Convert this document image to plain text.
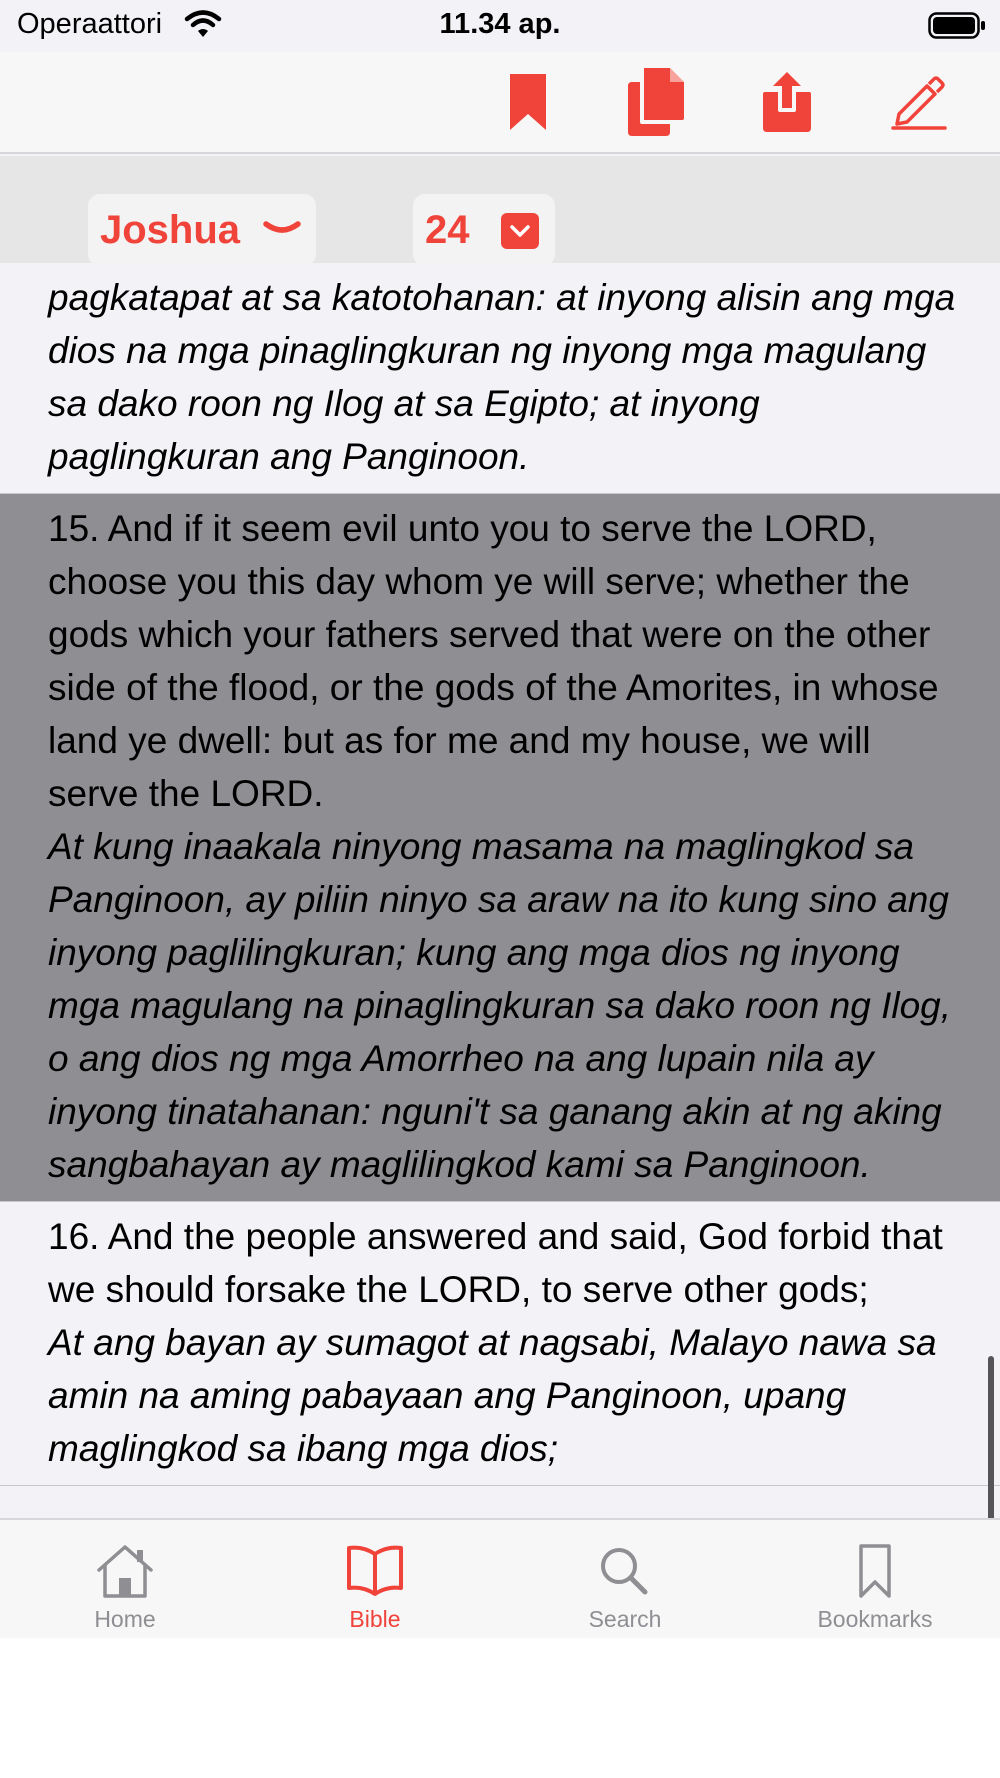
Operaattori	11.34 ap.
Joshua	24
pagkatapat at sa katotohanan: at inyong alisin ang mga dios na mga pinaglingkuran ng inyong mga magulang sa dako roon ng Ilog at sa Egipto; at inyong paglingkuran ang Panginoon.
15. And if it seem evil unto you to serve the LORD, choose you this day whom ye will serve; whether the gods which your fathers served that were on the other side of the flood, or the gods of the Amorites, in whose land ye dwell: but as for me and my house, we will serve the LORD.
At kung inaakala ninyong masama na maglingkod sa Panginoon, ay piliin ninyo sa araw na ito kung sino ang inyong paglilingkuran; kung ang mga dios ng inyong mga magulang na pinaglingkuran sa dako roon ng Ilog, o ang dios ng mga Amorrheo na ang lupain nila ay inyong tinatahanan: nguni't sa ganang akin at ng aking sangbahayan ay maglilingkod kami sa Panginoon.
16. And the people answered and said, God forbid that we should forsake the LORD, to serve other gods;
At ang bayan ay sumagot at nagsabi, Malayo nawa sa amin na aming pabayaan ang Panginoon, upang maglingkod sa ibang mga dios;
Home	Bible	Search	Bookmarks
